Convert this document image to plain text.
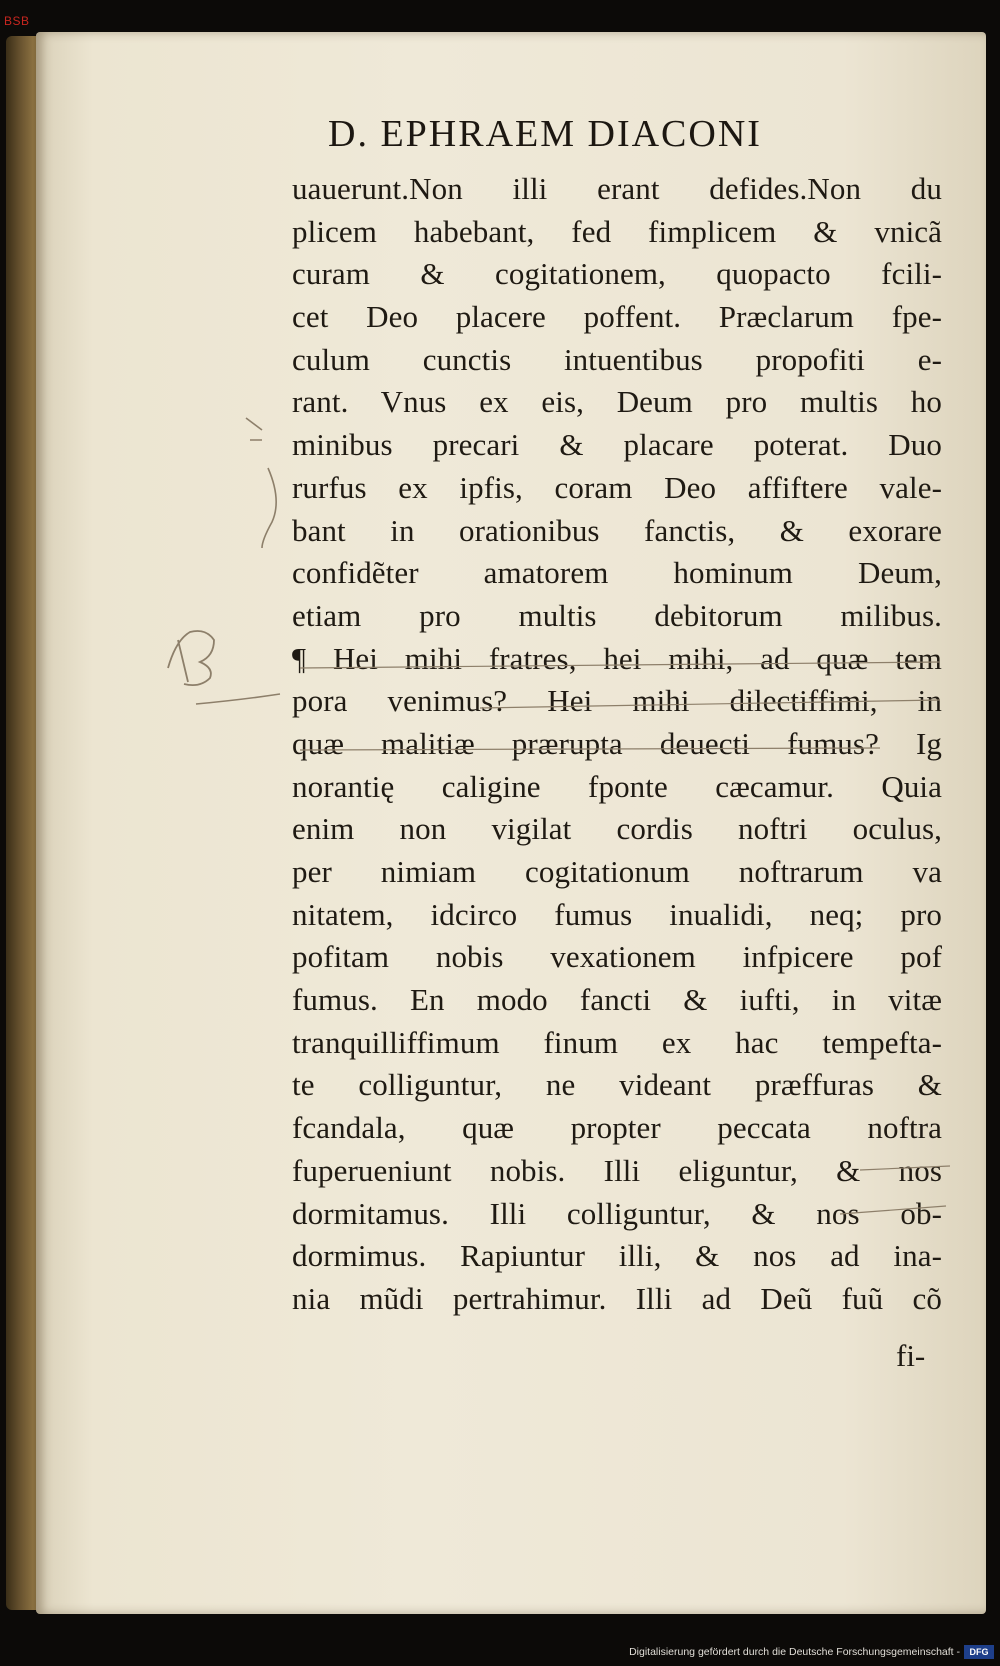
BSB
D. EPHRAEM DIACONI
uauerunt.Non illi erant defides.Non du
plicem habebant, fed fimplicem & vnicã
curam & cogitationem, quopacto fcili-
cet Deo placere poffent. Præclarum fpe-
culum cunctis intuentibus propofiti e-
rant. Vnus ex eis, Deum pro multis ho
minibus precari & placare poterat. Duo
rurfus ex ipfis, coram Deo affiftere vale-
bant in orationibus fanctis, & exorare
confidẽter amatorem hominum Deum,
etiam pro multis debitorum milibus.
¶ Hei mihi fratres, hei mihi, ad quæ tem
pora venimus? Hei mihi dilectiffimi, in
quæ malitiæ prærupta deuecti fumus? Ig
norantię caligine fponte cæcamur. Quia
enim non vigilat cordis noftri oculus,
per nimiam cogitationum noftrarum va
nitatem, idcirco fumus inualidi, neq; pro
pofitam nobis vexationem infpicere pof
fumus. En modo fancti & iufti, in vitæ
tranquilliffimum finum ex hac tempefta-
te colliguntur, ne videant præffuras &
fcandala, quæ propter peccata noftra
fuperueniunt nobis. Illi eliguntur, & nos
dormitamus. Illi colliguntur, & nos ob-
dormimus. Rapiuntur illi, & nos ad ina-
nia mũdi pertrahimur. Illi ad Deũ fuũ cõ
fi-
Digitalisierung gefördert durch die Deutsche Forschungsgemeinschaft -	DFG
